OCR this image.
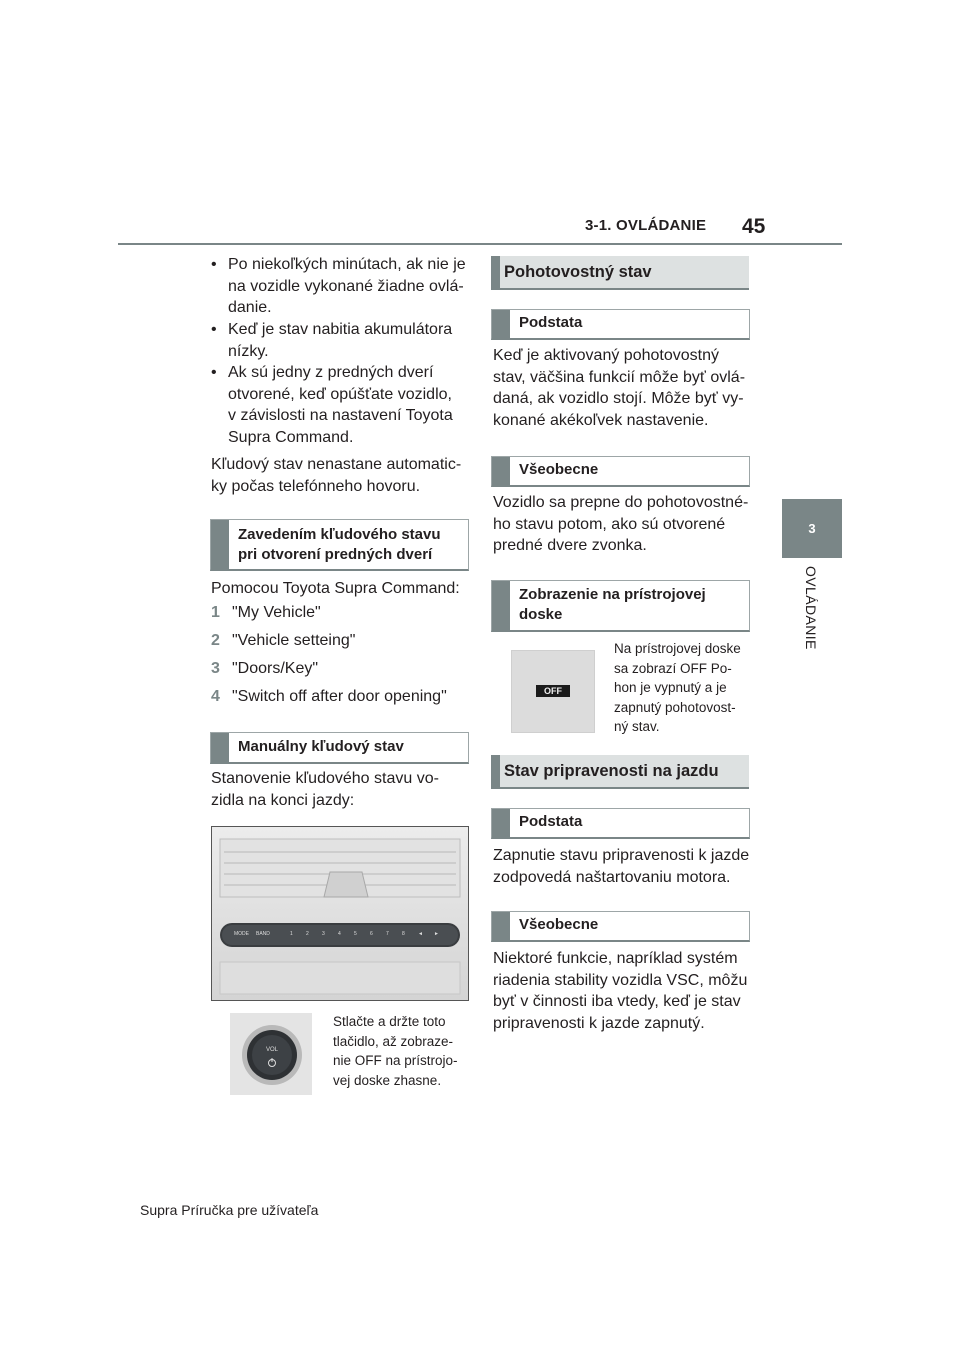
3-1. OVLÁDANIE 45
3
OVLÁDANIE
• Po niekoľkých minútach, ak nie je
na vozidle vykonané žiadne ovlá-
danie.
• Keď je stav nabitia akumulátora
nízky.
• Ak sú jedny z predných dverí
otvorené, keď opúšťate vozidlo,
v závislosti na nastavení Toyota
Supra Command.
Kľudový stav nenastane automatic-
ky počas telefónneho hovoru.
Zavedením kľudového stavu
pri otvorení predných dverí
Pomocou Toyota Supra Command:
1 "My Vehicle"
2 "Vehicle setteing"
3 "Doors/Key"
4 "Switch off after door opening"
Manuálny kľudový stav
Stanovenie kľudového stavu vo-
zidla na konci jazdy:
MODE BAND	1	2	3	4	5	6	7	8	◄ ►
VOL
Stlačte a držte toto
tlačidlo, až zobraze-
nie OFF na prístrojo-
vej doske zhasne.
Pohotovostný stav
Podstata
Keď je aktivovaný pohotovostný
stav, väčšina funkcií môže byť ovlá-
daná, ak vozidlo stojí. Môže byť vy-
konané akékoľvek nastavenie.
Všeobecne
Vozidlo sa prepne do pohotovostné-
ho stavu potom, ako sú otvorené
predné dvere zvonka.
Zobrazenie na prístrojovej
doske
OFF
Na prístrojovej doske
sa zobrazí OFF Po-
hon je vypnutý a je
zapnutý pohotovost-
ný stav.
Stav pripravenosti na jazdu
Podstata
Zapnutie stavu pripravenosti k jazde
zodpovedá naštartovaniu motora.
Všeobecne
Niektoré funkcie, napríklad systém
riadenia stability vozidla VSC, môžu
byť v činnosti iba vtedy, keď je stav
pripravenosti k jazde zapnutý.
Supra Príručka pre užívateľa
